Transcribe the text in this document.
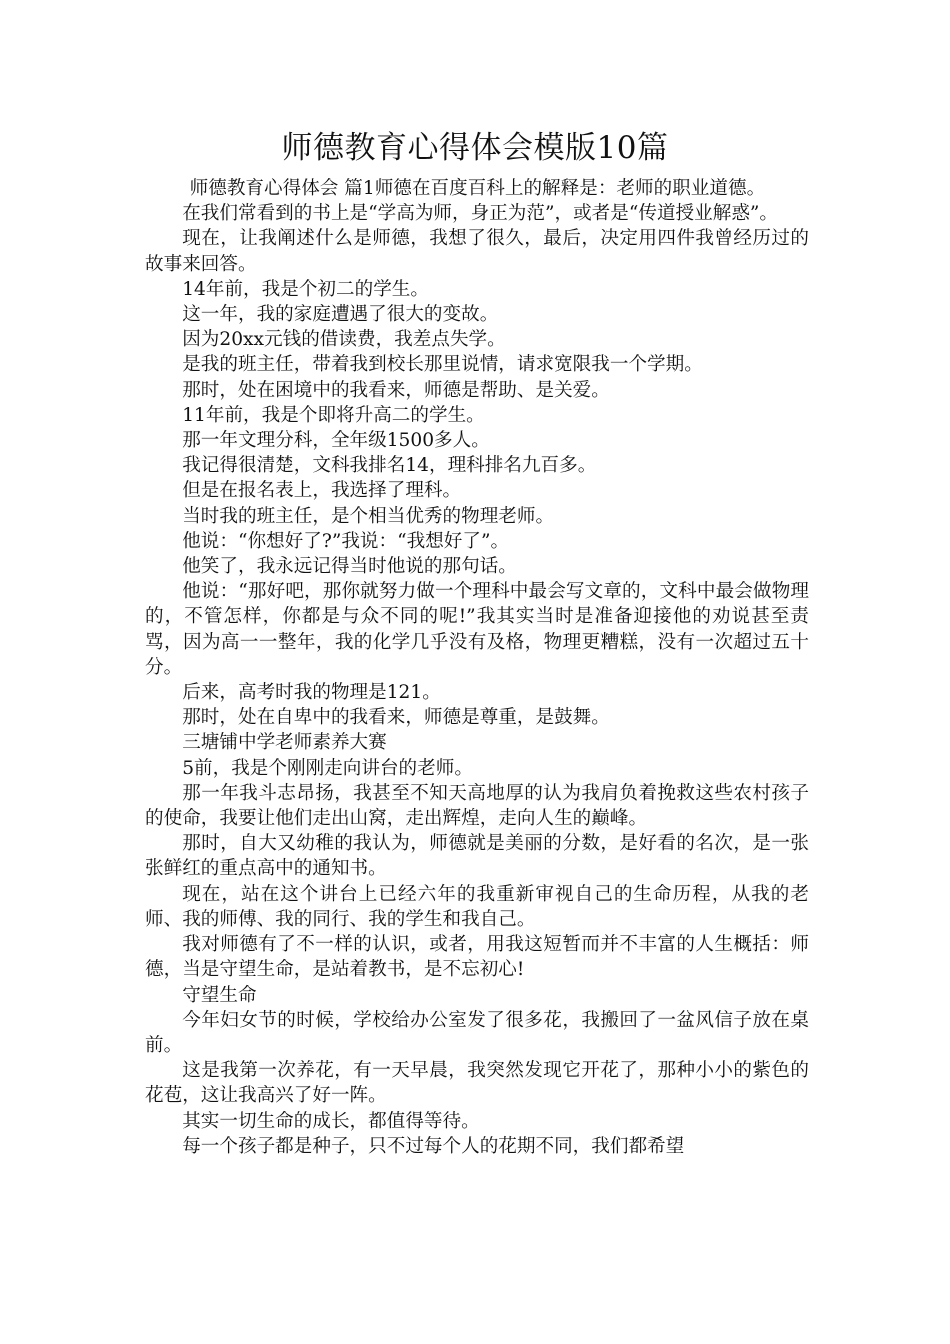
师德教育心得体会模版10篇

师德教育心得体会 篇1师德在百度百科上的解释是：老师的职业道德。

在我们常看到的书上是“学高为师，身正为范”，或者是“传道授业解惑”。

现在，让我阐述什么是师德，我想了很久，最后，决定用四件我曾经历过的故事来回答。

14年前，我是个初二的学生。

这一年，我的家庭遭遇了很大的变故。

因为20xx元钱的借读费，我差点失学。

是我的班主任，带着我到校长那里说情，请求宽限我一个学期。

那时，处在困境中的我看来，师德是帮助、是关爱。

11年前，我是个即将升高二的学生。

那一年文理分科，全年级1500多人。

我记得很清楚，文科我排名14，理科排名九百多。

但是在报名表上，我选择了理科。

当时我的班主任，是个相当优秀的物理老师。

他说：“你想好了?”我说：“我想好了”。

他笑了，我永远记得当时他说的那句话。

他说：“那好吧，那你就努力做一个理科中最会写文章的，文科中最会做物理的，不管怎样，你都是与众不同的呢!”我其实当时是准备迎接他的劝说甚至责骂，因为高一一整年，我的化学几乎没有及格，物理更糟糕，没有一次超过五十分。

后来，高考时我的物理是121。

那时，处在自卑中的我看来，师德是尊重，是鼓舞。

三塘铺中学老师素养大赛

5前，我是个刚刚走向讲台的老师。

那一年我斗志昂扬，我甚至不知天高地厚的认为我肩负着挽救这些农村孩子的使命，我要让他们走出山窝，走出辉煌，走向人生的巅峰。

那时，自大又幼稚的我认为，师德就是美丽的分数，是好看的名次，是一张张鲜红的重点高中的通知书。

现在，站在这个讲台上已经六年的我重新审视自己的生命历程，从我的老师、我的师傅、我的同行、我的学生和我自己。

我对师德有了不一样的认识，或者，用我这短暂而并不丰富的人生概括：师德，当是守望生命，是站着教书，是不忘初心!

守望生命

今年妇女节的时候，学校给办公室发了很多花，我搬回了一盆风信子放在桌前。

这是我第一次养花，有一天早晨，我突然发现它开花了，那种小小的紫色的花苞，这让我高兴了好一阵。

其实一切生命的成长，都值得等待。

每一个孩子都是种子，只不过每个人的花期不同，我们都希望
